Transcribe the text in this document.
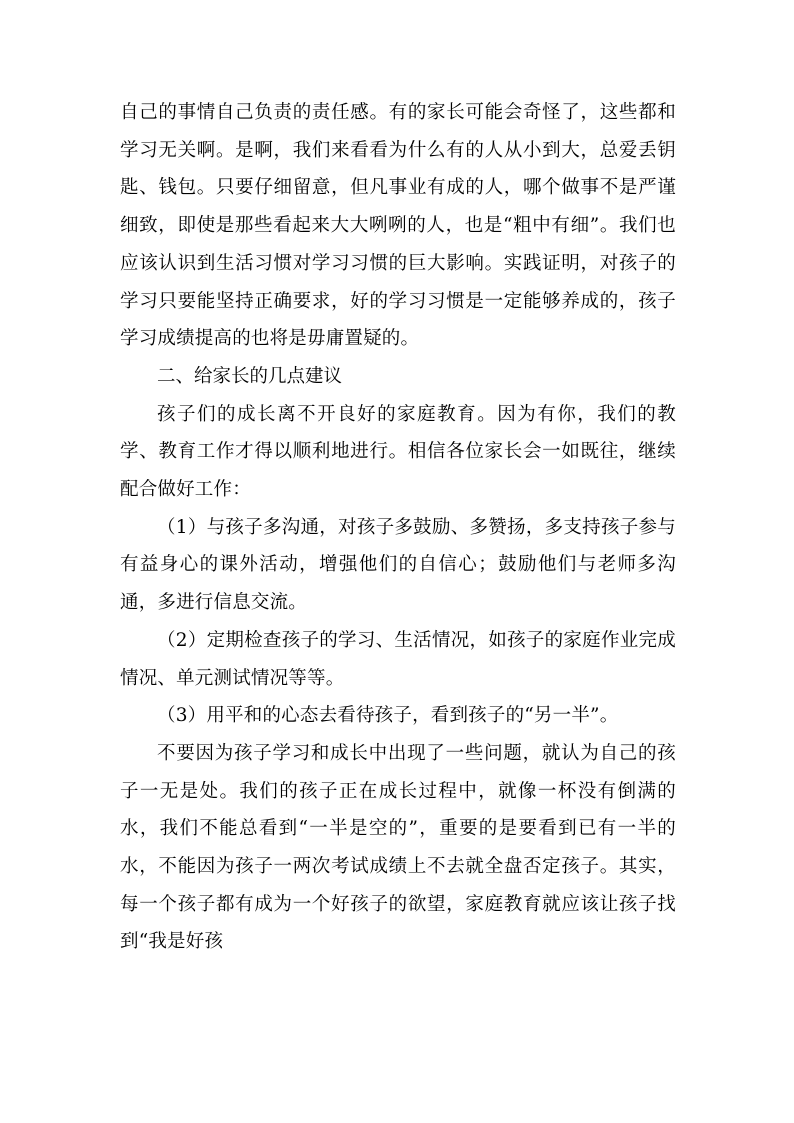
自己的事情自己负责的责任感。有的家长可能会奇怪了，这些都和学习无关啊。是啊，我们来看看为什么有的人从小到大，总爱丢钥匙、钱包。只要仔细留意，但凡事业有成的人，哪个做事不是严谨细致，即使是那些看起来大大咧咧的人，也是“粗中有细”。我们也应该认识到生活习惯对学习习惯的巨大影响。实践证明，对孩子的学习只要能坚持正确要求，好的学习习惯是一定能够养成的，孩子学习成绩提高的也将是毋庸置疑的。

二、给家长的几点建议

孩子们的成长离不开良好的家庭教育。因为有你，我们的教学、教育工作才得以顺利地进行。相信各位家长会一如既往，继续配合做好工作：

（1）与孩子多沟通，对孩子多鼓励、多赞扬，多支持孩子参与有益身心的课外活动，增强他们的自信心；鼓励他们与老师多沟通，多进行信息交流。

（2）定期检查孩子的学习、生活情况，如孩子的家庭作业完成情况、单元测试情况等等。

（3）用平和的心态去看待孩子，看到孩子的“另一半”。

不要因为孩子学习和成长中出现了一些问题，就认为自己的孩子一无是处。我们的孩子正在成长过程中，就像一杯没有倒满的水，我们不能总看到“一半是空的”，重要的是要看到已有一半的水，不能因为孩子一两次考试成绩上不去就全盘否定孩子。其实，每一个孩子都有成为一个好孩子的欲望，家庭教育就应该让孩子找到“我是好孩
